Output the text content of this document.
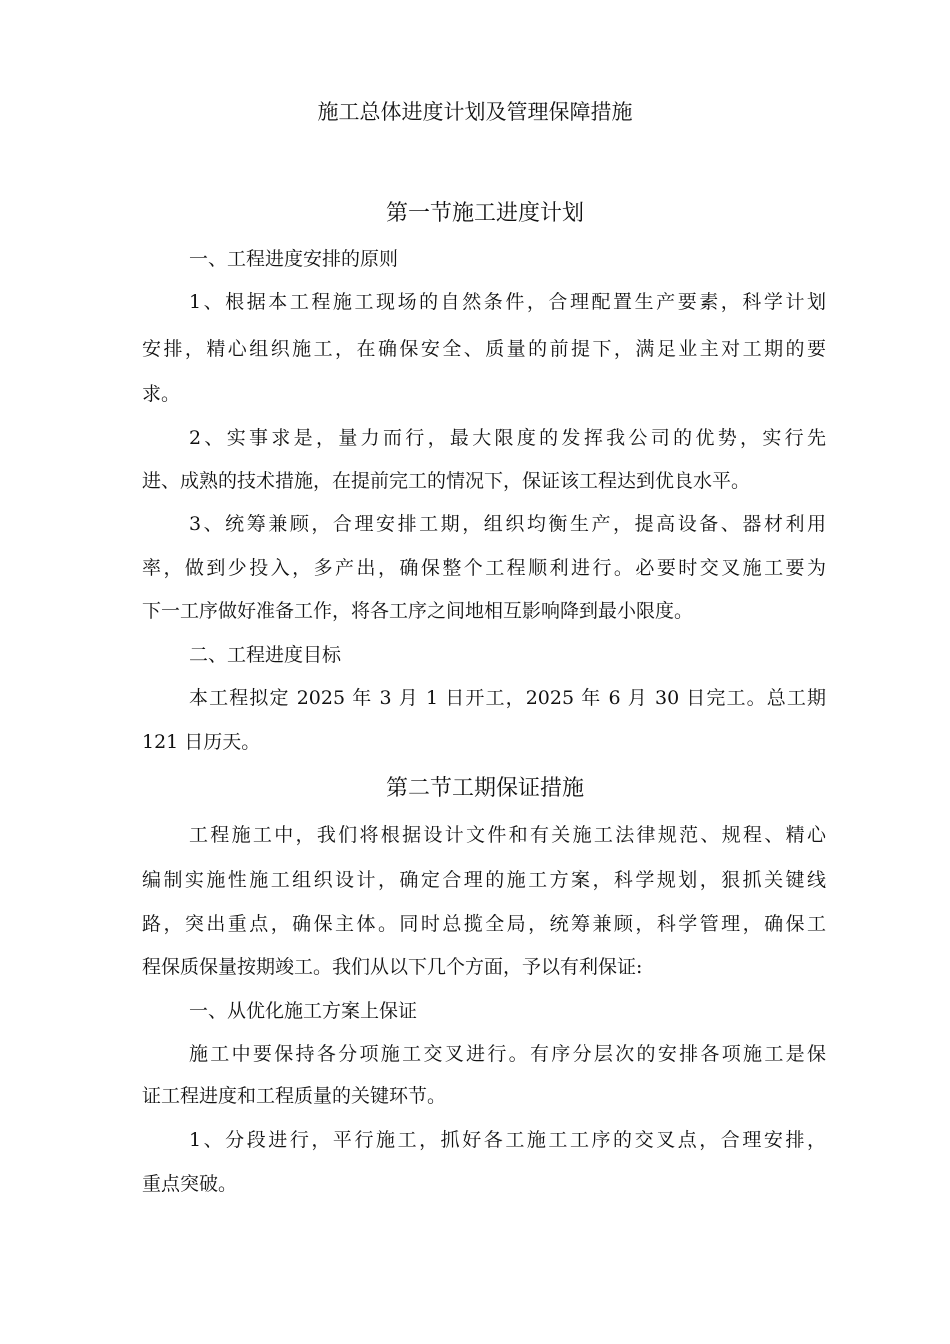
施工总体进度计划及管理保障措施
第一节施工进度计划
一、工程进度安排的原则
1、根据本工程施工现场的自然条件，合理配置生产要素，科学计划
安排，精心组织施工，在确保安全、质量的前提下，满足业主对工期的要
求。
2、实事求是，量力而行，最大限度的发挥我公司的优势，实行先
进、成熟的技术措施，在提前完工的情况下，保证该工程达到优良水平。
3、统筹兼顾，合理安排工期，组织均衡生产，提高设备、器材利用
率，做到少投入，多产出，确保整个工程顺利进行。必要时交叉施工要为
下一工序做好准备工作，将各工序之间地相互影响降到最小限度。
二、工程进度目标
本工程拟定 2025 年 3 月 1 日开工，2025 年 6 月 30 日完工。总工期
121 日历天。
第二节工期保证措施
工程施工中，我们将根据设计文件和有关施工法律规范、规程、精心
编制实施性施工组织设计，确定合理的施工方案，科学规划，狠抓关键线
路，突出重点，确保主体。同时总揽全局，统筹兼顾，科学管理，确保工
程保质保量按期竣工。我们从以下几个方面，予以有利保证:
一、从优化施工方案上保证
施工中要保持各分项施工交叉进行。有序分层次的安排各项施工是保
证工程进度和工程质量的关键环节。
1、分段进行，平行施工，抓好各工施工工序的交叉点，合理安排，
重点突破。
